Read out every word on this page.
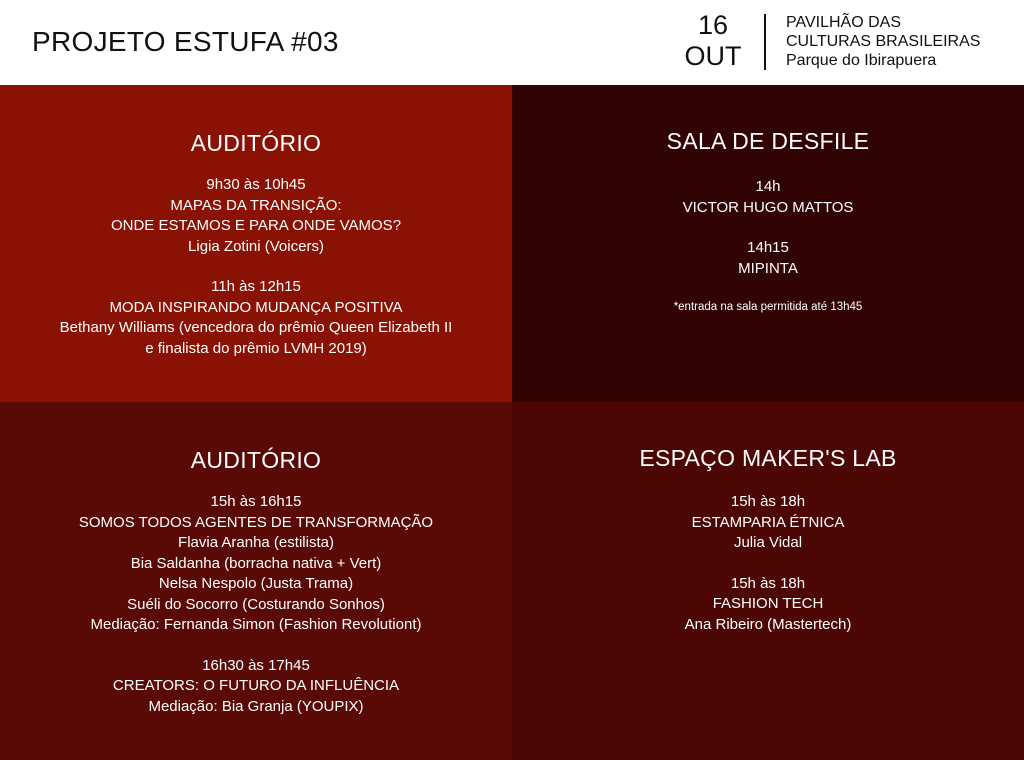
PROJETO ESTUFA #03
16
OUT
PAVILHÃO DAS
CULTURAS BRASILEIRAS
Parque do Ibirapuera
AUDITÓRIO
9h30 às 10h45
MAPAS DA TRANSIÇÃO:
ONDE ESTAMOS E PARA ONDE VAMOS?
Ligia Zotini (Voicers)
11h às 12h15
MODA INSPIRANDO MUDANÇA POSITIVA
Bethany Williams (vencedora do prêmio Queen Elizabeth II
e finalista do prêmio LVMH 2019)
SALA DE DESFILE
14h
VICTOR HUGO MATTOS
14h15
MIPINTA
*entrada na sala permitida até 13h45
AUDITÓRIO
15h às 16h15
SOMOS TODOS AGENTES DE TRANSFORMAÇÃO
Flavia Aranha (estilista)
Bia Saldanha (borracha nativa + Vert)
Nelsa Nespolo (Justa Trama)
Suéli do Socorro (Costurando Sonhos)
Mediação: Fernanda Simon (Fashion Revolutiont)
16h30 às 17h45
CREATORS: O FUTURO DA INFLUÊNCIA
Mediação: Bia Granja (YOUPIX)
ESPAÇO MAKER'S LAB
15h às 18h
ESTAMPARIA ÉTNICA
Julia Vidal
15h às 18h
FASHION TECH
Ana Ribeiro (Mastertech)
